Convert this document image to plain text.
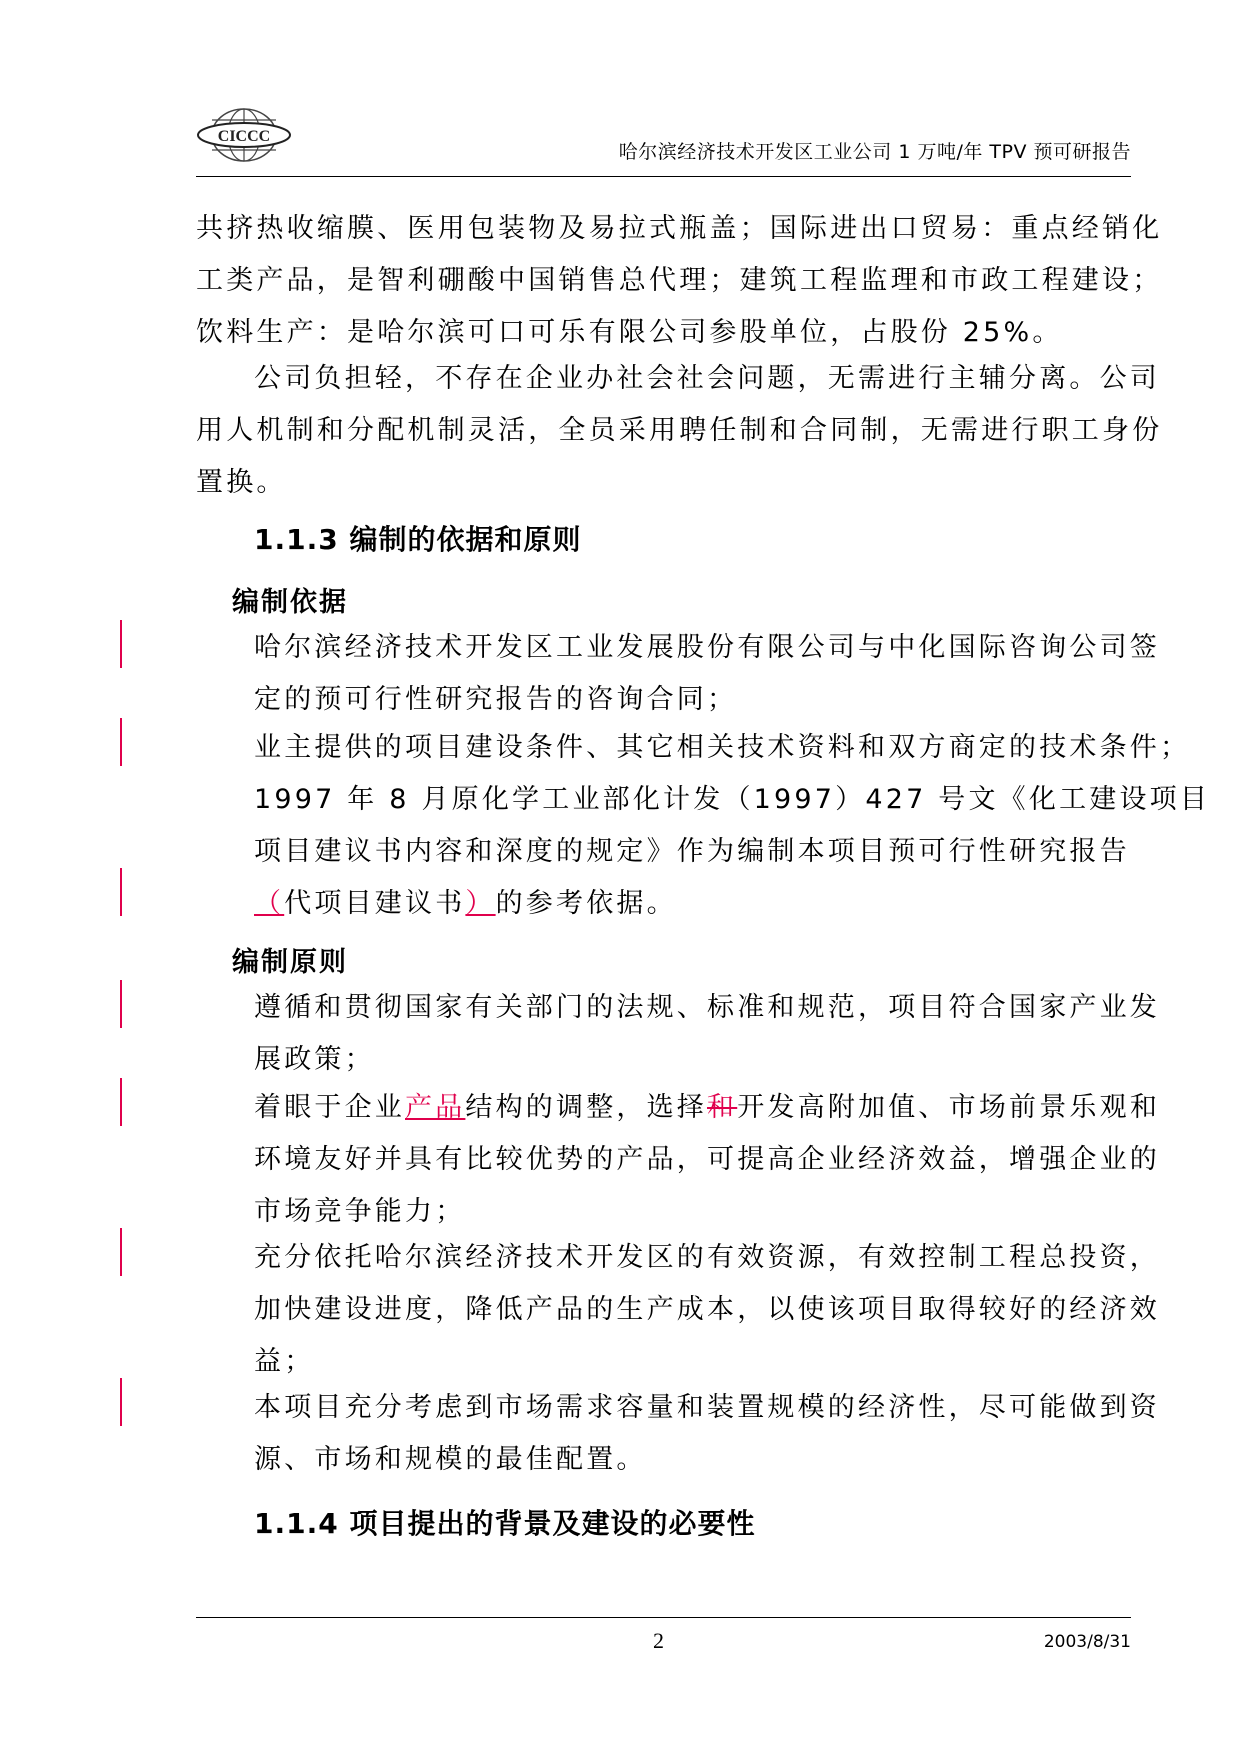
CICCC
哈尔滨经济技术开发区工业公司 1 万吨/年 TPV 预可研报告
共挤热收缩膜、医用包装物及易拉式瓶盖；国际进出口贸易：重点经销化
工类产品，是智利硼酸中国销售总代理；建筑工程监理和市政工程建设；
饮料生产：是哈尔滨可口可乐有限公司参股单位，占股份 25%。
公司负担轻，不存在企业办社会社会问题，无需进行主辅分离。公司
用人机制和分配机制灵活，全员采用聘任制和合同制，无需进行职工身份
置换。
1.1.3 编制的依据和原则
编制依据
哈尔滨经济技术开发区工业发展股份有限公司与中化国际咨询公司签
定的预可行性研究报告的咨询合同；
业主提供的项目建设条件、其它相关技术资料和双方商定的技术条件；
1997 年 8 月原化学工业部化计发（1997）427 号文《化工建设项目
项目建议书内容和深度的规定》作为编制本项目预可行性研究报告
（代项目建议书）的参考依据。
编制原则
遵循和贯彻国家有关部门的法规、标准和规范，项目符合国家产业发
展政策；
着眼于企业产品结构的调整，选择和开发高附加值、市场前景乐观和
环境友好并具有比较优势的产品，可提高企业经济效益，增强企业的
市场竞争能力；
充分依托哈尔滨经济技术开发区的有效资源，有效控制工程总投资，
加快建设进度，降低产品的生产成本，以使该项目取得较好的经济效
益；
本项目充分考虑到市场需求容量和装置规模的经济性，尽可能做到资
源、市场和规模的最佳配置。
1.1.4 项目提出的背景及建设的必要性
2	2003/8/31
